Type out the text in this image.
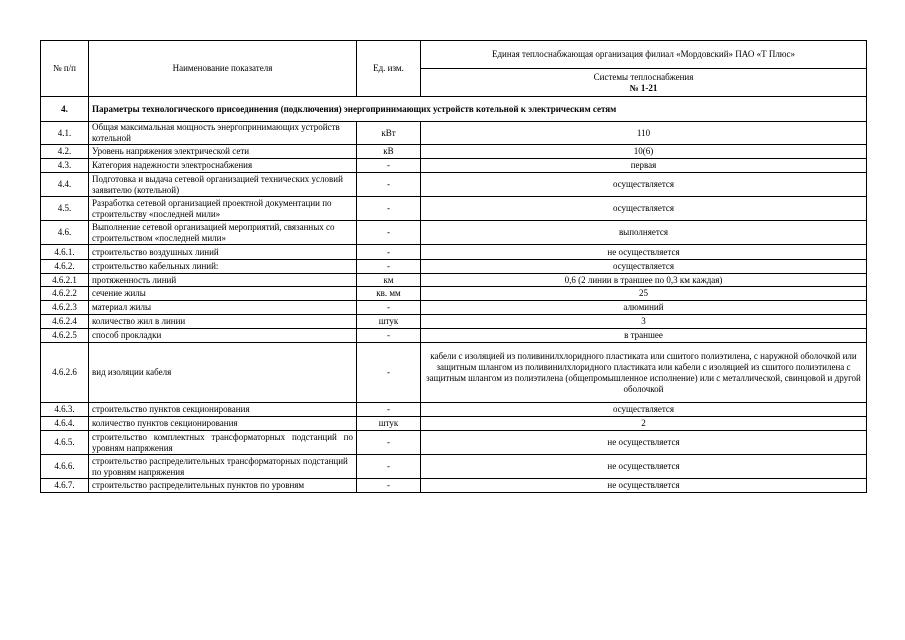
№ п/п	Наименование показателя	Ед. изм.	Единая теплоснабжающая организация филиал «Мордовский» ПАО «Т Плюс»

			Системы теплоснабжения
№ 1-21

4.	Параметры технологического присоединения (подключения) энергопринимающих устройств котельной к электрическим сетям		
4.1.	Общая максимальная мощность энергопринимающих устройств котельной	кВт	110
4.2.	Уровень напряжения электрической сети	кВ	10(6)
4.3.	Категория надежности электроснабжения	-	первая
4.4.	Подготовка и выдача сетевой организацией технических условий заявителю (котельной)	-	осуществляется
4.5.	Разработка сетевой организацией проектной документации по строительству «последней мили»	-	осуществляется
4.6.	Выполнение сетевой организацией мероприятий, связанных со строительством «последней мили»	-	выполняется
4.6.1.	строительство воздушных линий	-	не осуществляется
4.6.2.	строительство кабельных линий:	-	осуществляется
4.6.2.1	протяженность линий	км	0,6 (2 линии в траншее по 0,3 км каждая)
4.6.2.2	сечение жилы	кв. мм	25
4.6.2.3	материал жилы	-	алюминий
4.6.2.4	количество жил в линии	штук	3
4.6.2.5	способ прокладки	-	в траншее
4.6.2.6	вид изоляции кабеля	-	кабели с изоляцией из поливинилхлоридного пластиката или сшитого полиэтилена, с наружной оболочкой или защитным шлангом из поливинилхлоридного пластиката или кабели с изоляцией из сшитого полиэтилена с защитным шлангом из полиэтилена (общепромышленное исполнение) или с металлической, свинцовой и другой оболочкой
4.6.3.	строительство пунктов секционирования	-	осуществляется
4.6.4.	количество пунктов секционирования	штук	2
4.6.5.	строительство комплектных трансформаторных подстанций по уровням напряжения	-	не осуществляется
4.6.6.	строительство распределительных трансформаторных подстанций по уровням напряжения	-	не осуществляется
4.6.7.	строительство распределительных пунктов по уровням	-	не осуществляется
